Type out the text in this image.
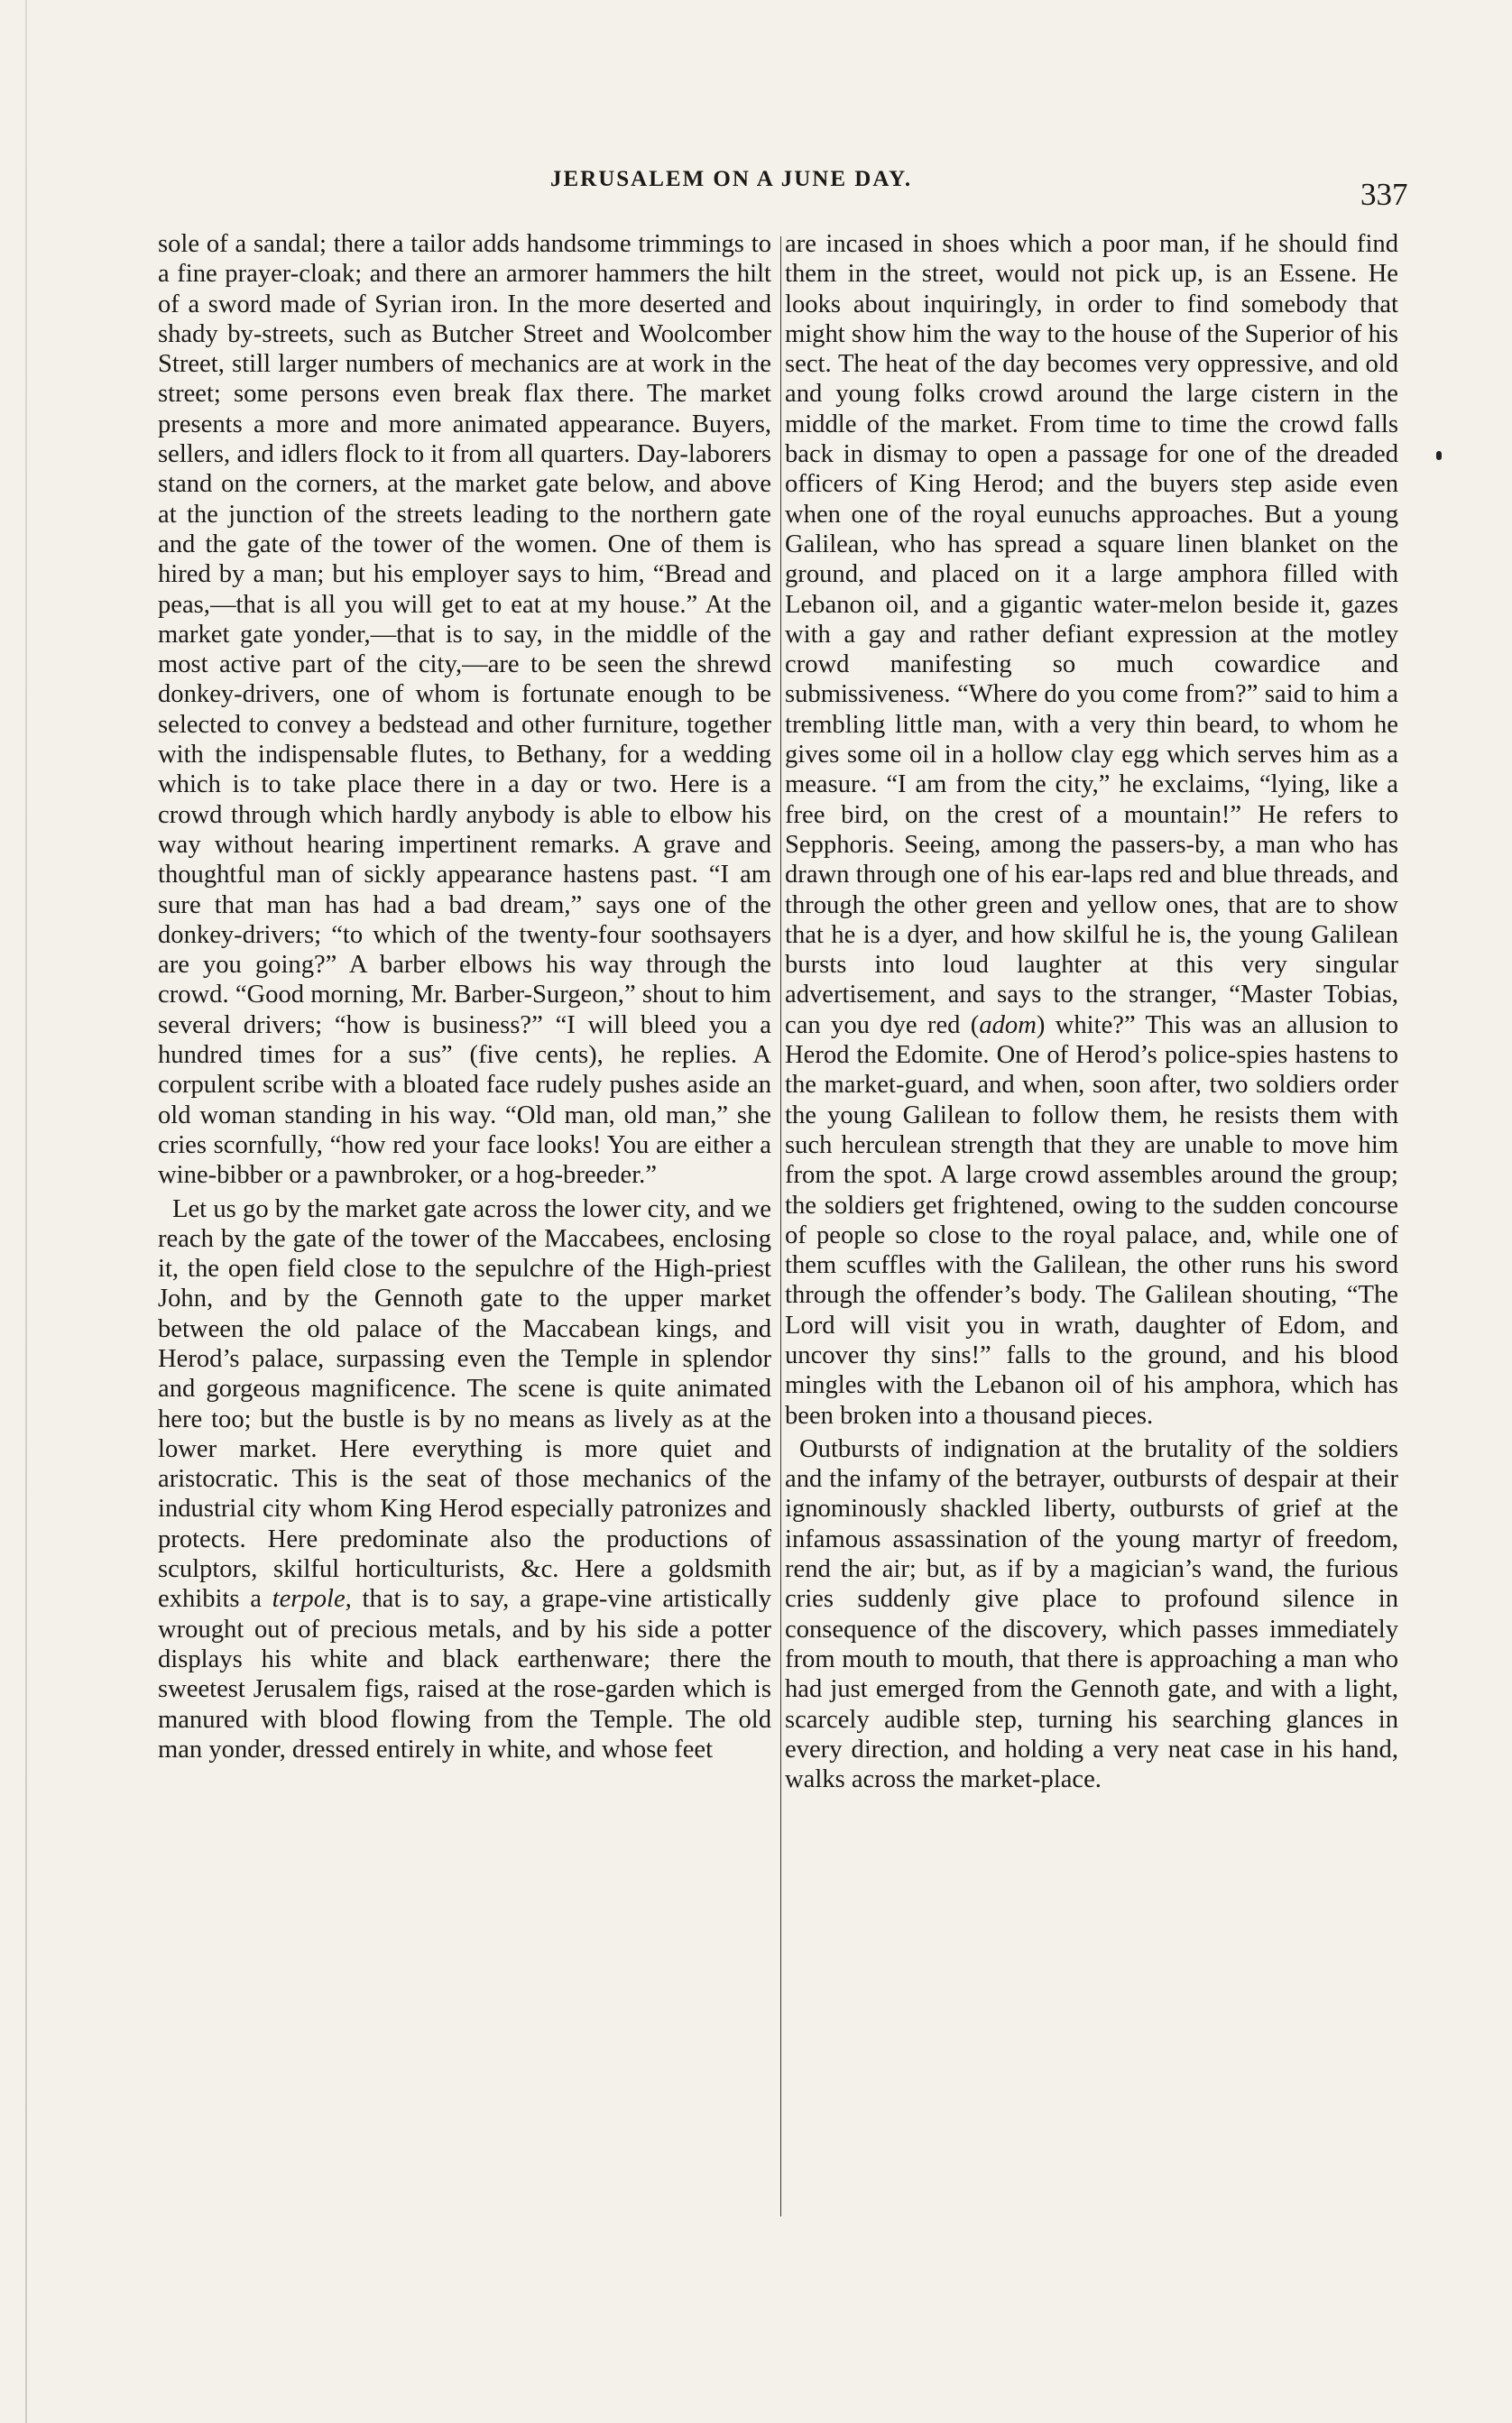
JERUSALEM ON A JUNE DAY.	337

sole of a sandal; there a tailor adds handsome trimmings to a fine prayer-cloak; and there an armorer hammers the hilt of a sword made of Syrian iron. In the more deserted and shady by-streets, such as Butcher Street and Woolcomber Street, still larger numbers of mechanics are at work in the street; some persons even break flax there. The market presents a more and more animated appearance. Buyers, sellers, and idlers flock to it from all quarters. Day-laborers stand on the corners, at the market gate below, and above at the junction of the streets leading to the northern gate and the gate of the tower of the women. One of them is hired by a man; but his employer says to him, “Bread and peas,—that is all you will get to eat at my house.” At the market gate yonder,—that is to say, in the middle of the most active part of the city,—are to be seen the shrewd donkey-drivers, one of whom is fortunate enough to be selected to convey a bedstead and other furniture, together with the indispensable flutes, to Bethany, for a wedding which is to take place there in a day or two. Here is a crowd through which hardly anybody is able to elbow his way without hearing impertinent remarks. A grave and thoughtful man of sickly appearance hastens past. “I am sure that man has had a bad dream,” says one of the donkey-drivers; “to which of the twenty-four soothsayers are you going?” A barber elbows his way through the crowd. “Good morning, Mr. Barber-Surgeon,” shout to him several drivers; “how is business?” “I will bleed you a hundred times for a sus” (five cents), he replies. A corpulent scribe with a bloated face rudely pushes aside an old woman standing in his way. “Old man, old man,” she cries scornfully, “how red your face looks! You are either a wine-bibber or a pawnbroker, or a hog-breeder.”

Let us go by the market gate across the lower city, and we reach by the gate of the tower of the Maccabees, enclosing it, the open field close to the sepulchre of the High-priest John, and by the Gennoth gate to the upper market between the old palace of the Maccabean kings, and Herod’s palace, surpassing even the Temple in splendor and gorgeous magnificence. The scene is quite animated here too; but the bustle is by no means as lively as at the lower market. Here everything is more quiet and aristocratic. This is the seat of those mechanics of the industrial city whom King Herod especially patronizes and protects. Here predominate also the productions of sculptors, skilful horticulturists, &c. Here a goldsmith exhibits a terpole, that is to say, a grape-vine artistically wrought out of precious metals, and by his side a potter displays his white and black earthenware; there the sweetest Jerusalem figs, raised at the rose-garden which is manured with blood flowing from the Temple. The old man yonder, dressed entirely in white, and whose feet

are incased in shoes which a poor man, if he should find them in the street, would not pick up, is an Essene. He looks about inquiringly, in order to find somebody that might show him the way to the house of the Superior of his sect. The heat of the day becomes very oppressive, and old and young folks crowd around the large cistern in the middle of the market. From time to time the crowd falls back in dismay to open a passage for one of the dreaded officers of King Herod; and the buyers step aside even when one of the royal eunuchs approaches. But a young Galilean, who has spread a square linen blanket on the ground, and placed on it a large amphora filled with Lebanon oil, and a gigantic water-melon beside it, gazes with a gay and rather defiant expression at the motley crowd manifesting so much cowardice and submissiveness. “Where do you come from?” said to him a trembling little man, with a very thin beard, to whom he gives some oil in a hollow clay egg which serves him as a measure. “I am from the city,” he exclaims, “lying, like a free bird, on the crest of a mountain!” He refers to Sepphoris. Seeing, among the passers-by, a man who has drawn through one of his ear-laps red and blue threads, and through the other green and yellow ones, that are to show that he is a dyer, and how skilful he is, the young Galilean bursts into loud laughter at this very singular advertisement, and says to the stranger, “Master Tobias, can you dye red (adom) white?” This was an allusion to Herod the Edomite. One of Herod’s police-spies hastens to the market-guard, and when, soon after, two soldiers order the young Galilean to follow them, he resists them with such herculean strength that they are unable to move him from the spot. A large crowd assembles around the group; the soldiers get frightened, owing to the sudden concourse of people so close to the royal palace, and, while one of them scuffles with the Galilean, the other runs his sword through the offender’s body. The Galilean shouting, “The Lord will visit you in wrath, daughter of Edom, and uncover thy sins!” falls to the ground, and his blood mingles with the Lebanon oil of his amphora, which has been broken into a thousand pieces.

Outbursts of indignation at the brutality of the soldiers and the infamy of the betrayer, outbursts of despair at their ignominously shackled liberty, outbursts of grief at the infamous assassination of the young martyr of freedom, rend the air; but, as if by a magician’s wand, the furious cries suddenly give place to profound silence in consequence of the discovery, which passes immediately from mouth to mouth, that there is approaching a man who had just emerged from the Gennoth gate, and with a light, scarcely audible step, turning his searching glances in every direction, and holding a very neat case in his hand, walks across the market-place.
